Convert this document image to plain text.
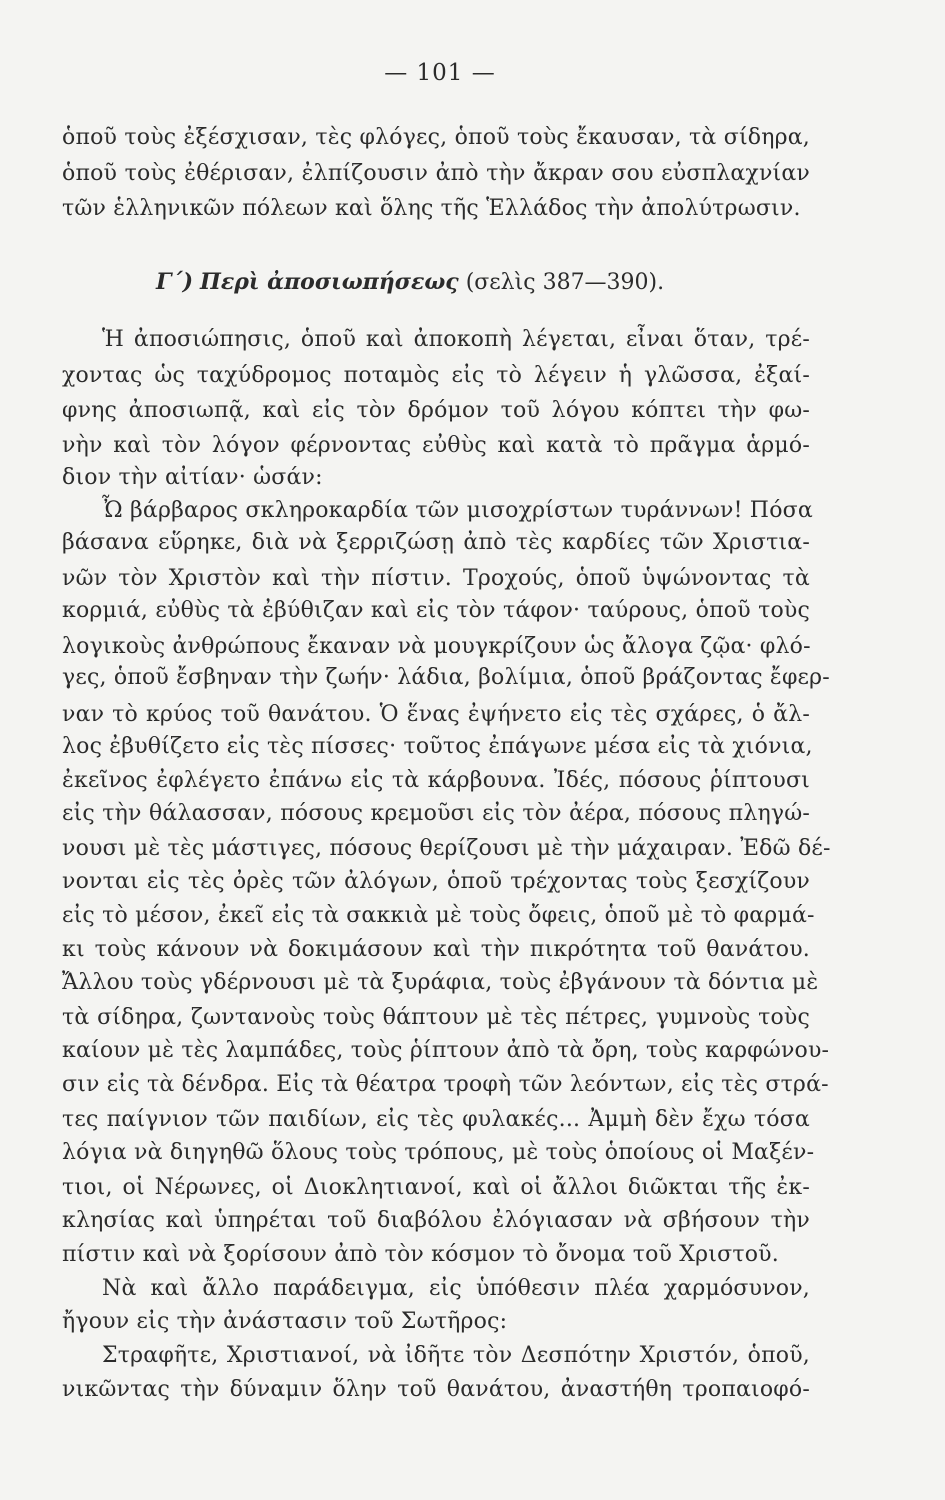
— 101 —
ὁποῦ τοὺς ἐξέσχισαν, τὲς φλόγες, ὁποῦ τοὺς ἔκαυσαν, τὰ σίδηρα,
ὁποῦ τοὺς ἐθέρισαν, ἐλπίζουσιν ἀπὸ τὴν ἄκραν σου εὐσπλαχνίαν
τῶν ἑλληνικῶν πόλεων καὶ ὅλης τῆς Ἑλλάδος τὴν ἀπολύτρωσιν.
Γ΄) Περὶ ἀποσιωπήσεως (σελὶς 387—390).
Ἡ ἀποσιώπησις, ὁποῦ καὶ ἀποκοπὴ λέγεται, εἶναι ὅταν, τρέ-
χοντας ὡς ταχύδρομος ποταμὸς εἰς τὸ λέγειν ἡ γλῶσσα, ἐξαί-
φνης ἀποσιωπᾷ, καὶ εἰς τὸν δρόμον τοῦ λόγου κόπτει τὴν φω-
νὴν καὶ τὸν λόγον φέρνοντας εὐθὺς καὶ κατὰ τὸ πρᾶγμα ἁρμό-
διον τὴν αἰτίαν· ὡσάν:
Ὦ βάρβαρος σκληροκαρδία τῶν μισοχρίστων τυράννων! Πόσα
βάσανα εὕρηκε, διὰ νὰ ξερριζώσῃ ἀπὸ τὲς καρδίες τῶν Χριστια-
νῶν τὸν Χριστὸν καὶ τὴν πίστιν. Τροχούς, ὁποῦ ὑψώνοντας τὰ
κορμιά, εὐθὺς τὰ ἐβύθιζαν καὶ εἰς τὸν τάφον· ταύρους, ὁποῦ τοὺς
λογικοὺς ἀνθρώπους ἔκαναν νὰ μουγκρίζουν ὡς ἄλογα ζῷα· φλό-
γες, ὁποῦ ἔσβηναν τὴν ζωήν· λάδια, βολίμια, ὁποῦ βράζοντας ἔφερ-
ναν τὸ κρύος τοῦ θανάτου. Ὁ ἕνας ἐψήνετο εἰς τὲς σχάρες, ὁ ἄλ-
λος ἐβυθίζετο εἰς τὲς πίσσες· τοῦτος ἐπάγωνε μέσα εἰς τὰ χιόνια,
ἐκεῖνος ἐφλέγετο ἐπάνω εἰς τὰ κάρβουνα. Ἰδές, πόσους ῥίπτουσι
εἰς τὴν θάλασσαν, πόσους κρεμοῦσι εἰς τὸν ἀέρα, πόσους πληγώ-
νουσι μὲ τὲς μάστιγες, πόσους θερίζουσι μὲ τὴν μάχαιραν. Ἐδῶ δέ-
νονται εἰς τὲς ὀρὲς τῶν ἀλόγων, ὁποῦ τρέχοντας τοὺς ξεσχίζουν
εἰς τὸ μέσον, ἐκεῖ εἰς τὰ σακκιὰ μὲ τοὺς ὄφεις, ὁποῦ μὲ τὸ φαρμά-
κι τοὺς κάνουν νὰ δοκιμάσουν καὶ τὴν πικρότητα τοῦ θανάτου.
Ἄλλου τοὺς γδέρνουσι μὲ τὰ ξυράφια, τοὺς ἐβγάνουν τὰ δόντια μὲ
τὰ σίδηρα, ζωντανοὺς τοὺς θάπτουν μὲ τὲς πέτρες, γυμνοὺς τοὺς
καίουν μὲ τὲς λαμπάδες, τοὺς ῥίπτουν ἀπὸ τὰ ὄρη, τοὺς καρφώνου-
σιν εἰς τὰ δένδρα. Εἰς τὰ θέατρα τροφὴ τῶν λεόντων, εἰς τὲς στρά-
τες παίγνιον τῶν παιδίων, εἰς τὲς φυλακές... Ἀμμὴ δὲν ἔχω τόσα
λόγια νὰ διηγηθῶ ὅλους τοὺς τρόπους, μὲ τοὺς ὁποίους οἱ Μαξέν-
τιοι, οἱ Νέρωνες, οἱ Διοκλητιανοί, καὶ οἱ ἄλλοι διῶκται τῆς ἐκ-
κλησίας καὶ ὑπηρέται τοῦ διαβόλου ἐλόγιασαν νὰ σβήσουν τὴν
πίστιν καὶ νὰ ξορίσουν ἀπὸ τὸν κόσμον τὸ ὄνομα τοῦ Χριστοῦ.
Νὰ καὶ ἄλλο παράδειγμα, εἰς ὑπόθεσιν πλέα χαρμόσυνον,
ἤγουν εἰς τὴν ἀνάστασιν τοῦ Σωτῆρος:
Στραφῆτε, Χριστιανοί, νὰ ἰδῆτε τὸν Δεσπότην Χριστόν, ὁποῦ,
νικῶντας τὴν δύναμιν ὅλην τοῦ θανάτου, ἀναστήθη τροπαιοφό-
